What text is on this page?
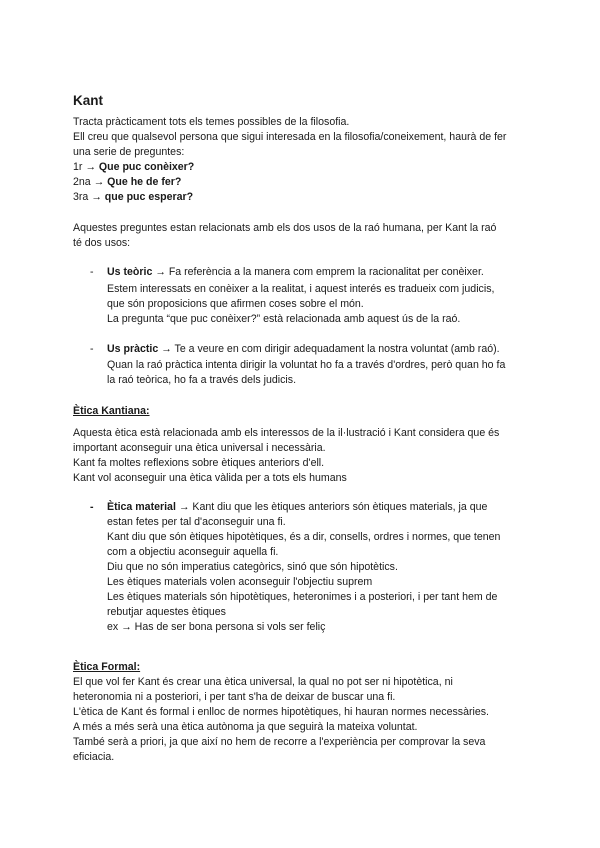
Kant
Tracta pràcticament tots els temes possibles de la filosofia.
Ell creu que qualsevol persona que sigui interesada en la filosofia/coneixement, haurà de fer
una serie de preguntes:
1r → Que puc conèixer?
2na → Que he de fer?
3ra → que puc esperar?
Aquestes preguntes estan relacionats amb els dos usos de la raó humana, per Kant la raó
té dos usos:
- Us teòric → Fa referència a la manera com emprem la racionalitat per conèixer.
Estem interessats en conèixer a la realitat, i aquest interés es tradueix com judicis,
que són proposicions que afirmen coses sobre el món.
La pregunta “que puc conèixer?” està relacionada amb aquest ús de la raó.
- Us pràctic → Te a veure en com dirigir adequadament la nostra voluntat (amb raó).
Quan la raó pràctica intenta dirigir la voluntat ho fa a través d'ordres, però quan ho fa
la raó teòrica, ho fa a través dels judicis.
Ètica Kantiana:
Aquesta ètica està relacionada amb els interessos de la il·lustració i Kant considera que és
important aconseguir una ètica universal i necessària.
Kant fa moltes reflexions sobre ètiques anteriors d'ell.
Kant vol aconseguir una ètica vàlida per a tots els humans
- Ètica material → Kant diu que les ètiques anteriors són ètiques materials, ja que
estan fetes per tal d'aconseguir una fi.
Kant diu que són ètiques hipotètiques, és a dir, consells, ordres i normes, que tenen
com a objectiu aconseguir aquella fi.
Diu que no són imperatius categòrics, sinó que són hipotètics.
Les ètiques materials volen aconseguir l'objectiu suprem
Les ètiques materials són hipotètiques, heteronimes i a posteriori, i per tant hem de
rebutjar aquestes ètiques
ex → Has de ser bona persona si vols ser feliç
Ètica Formal:
El que vol fer Kant és crear una ètica universal, la qual no pot ser ni hipotètica, ni
heteronomia ni a posteriori, i per tant s'ha de deixar de buscar una fi.
L'ètica de Kant és formal i enlloc de normes hipotètiques, hi hauran normes necessàries.
A més a més serà una ètica autònoma ja que seguirà la mateixa voluntat.
També serà a priori, ja que així no hem de recorre a l'experiència per comprovar la seva
eficiacia.
